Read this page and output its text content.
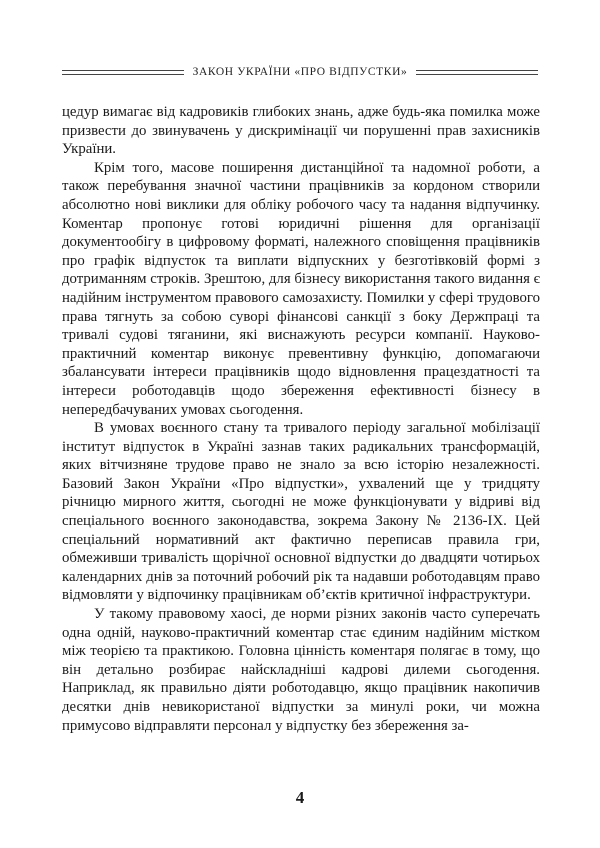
ЗАКОН УКРАЇНИ «ПРО ВІДПУСТКИ»

цедур вимагає від кадровиків глибоких знань, адже будь-яка помилка може призвести до звинувачень у дискримінації чи порушенні прав захисників України.

Крім того, масове поширення дистанційної та надомної роботи, а також перебування значної частини працівників за кордоном створили абсолютно нові виклики для обліку робочого часу та надання відпучинку. Коментар пропонує готові юридичні рішення для організації документообігу в цифровому форматі, належного сповіщення працівників про графік відпусток та виплати відпускних у безготівковій формі з дотриманням строків. Зрештою, для бізнесу використання такого видання є надійним інструментом правового самозахисту. Помилки у сфері трудового права тягнуть за собою суворі фінансові санкції з боку Держпраці та тривалі судові тяганини, які виснажують ресурси компанії. Науково-практичний коментар виконує превентивну функцію, допомагаючи збалансувати інтереси працівників щодо відновлення працездатності та інтереси роботодавців щодо збереження ефективності бізнесу в непередбачуваних умовах сьогодення.

В умовах воєнного стану та тривалого періоду загальної мобілізації інститут відпусток в Україні зазнав таких радикальних трансформацій, яких вітчизняне трудове право не знало за всю історію незалежності. Базовий Закон України «Про відпустки», ухвалений ще у тридцяту річницю мирного життя, сьогодні не може функціонувати у відриві від спеціального воєнного законодавства, зокрема Закону № 2136-IX. Цей спеціальний нормативний акт фактично переписав правила гри, обмеживши тривалість щорічної основної відпустки до двадцяти чотирьох календарних днів за поточний робочий рік та надавши роботодавцям право відмовляти у відпочинку працівникам об’єктів критичної інфраструктури.

У такому правовому хаосі, де норми різних законів часто суперечать одна одній, науково-практичний коментар стає єдиним надійним містком між теорією та практикою. Головна цінність коментаря полягає в тому, що він детально розбирає найскладніші кадрові дилеми сьогодення. Наприклад, як правильно діяти роботодавцю, якщо працівник накопичив десятки днів невикористаної відпустки за минулі роки, чи можна примусово відправляти персонал у відпустку без збереження за-

4
